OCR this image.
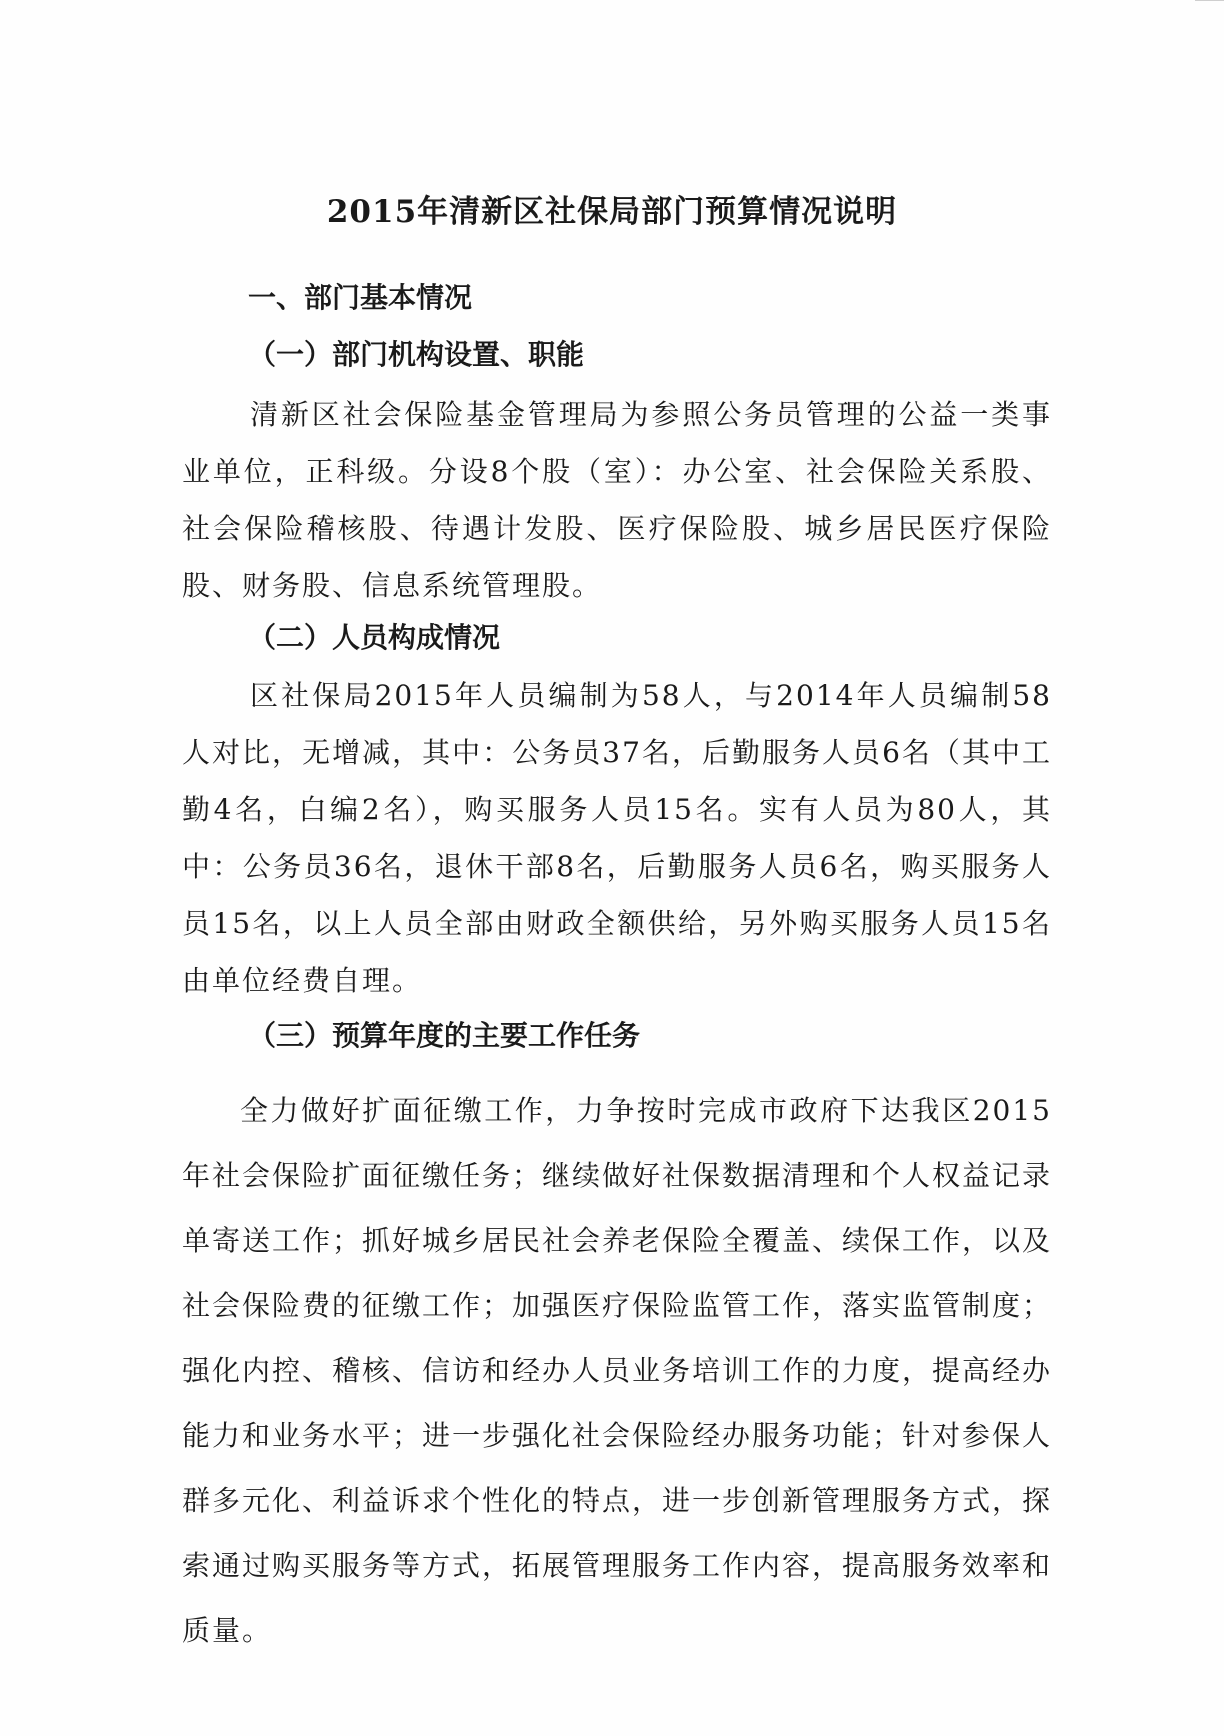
2015年清新区社保局部门预算情况说明
一、部门基本情况
（一）部门机构设置、职能
清新区社会保险基金管理局为参照公务员管理的公益一类事业单位，正科级。分设8个股（室）：办公室、社会保险关系股、社会保险稽核股、待遇计发股、医疗保险股、城乡居民医疗保险股、财务股、信息系统管理股。
（二）人员构成情况
区社保局2015年人员编制为58人，与2014年人员编制58人对比，无增减，其中：公务员37名，后勤服务人员6名（其中工勤4名，白编2名），购买服务人员15名。实有人员为80人，其中：公务员36名，退休干部8名，后勤服务人员6名，购买服务人员15名，以上人员全部由财政全额供给，另外购买服务人员15名由单位经费自理。
（三）预算年度的主要工作任务
全力做好扩面征缴工作，力争按时完成市政府下达我区2015年社会保险扩面征缴任务；继续做好社保数据清理和个人权益记录单寄送工作；抓好城乡居民社会养老保险全覆盖、续保工作，以及社会保险费的征缴工作；加强医疗保险监管工作，落实监管制度；强化内控、稽核、信访和经办人员业务培训工作的力度，提高经办能力和业务水平；进一步强化社会保险经办服务功能；针对参保人群多元化、利益诉求个性化的特点，进一步创新管理服务方式，探索通过购买服务等方式，拓展管理服务工作内容，提高服务效率和质量。
